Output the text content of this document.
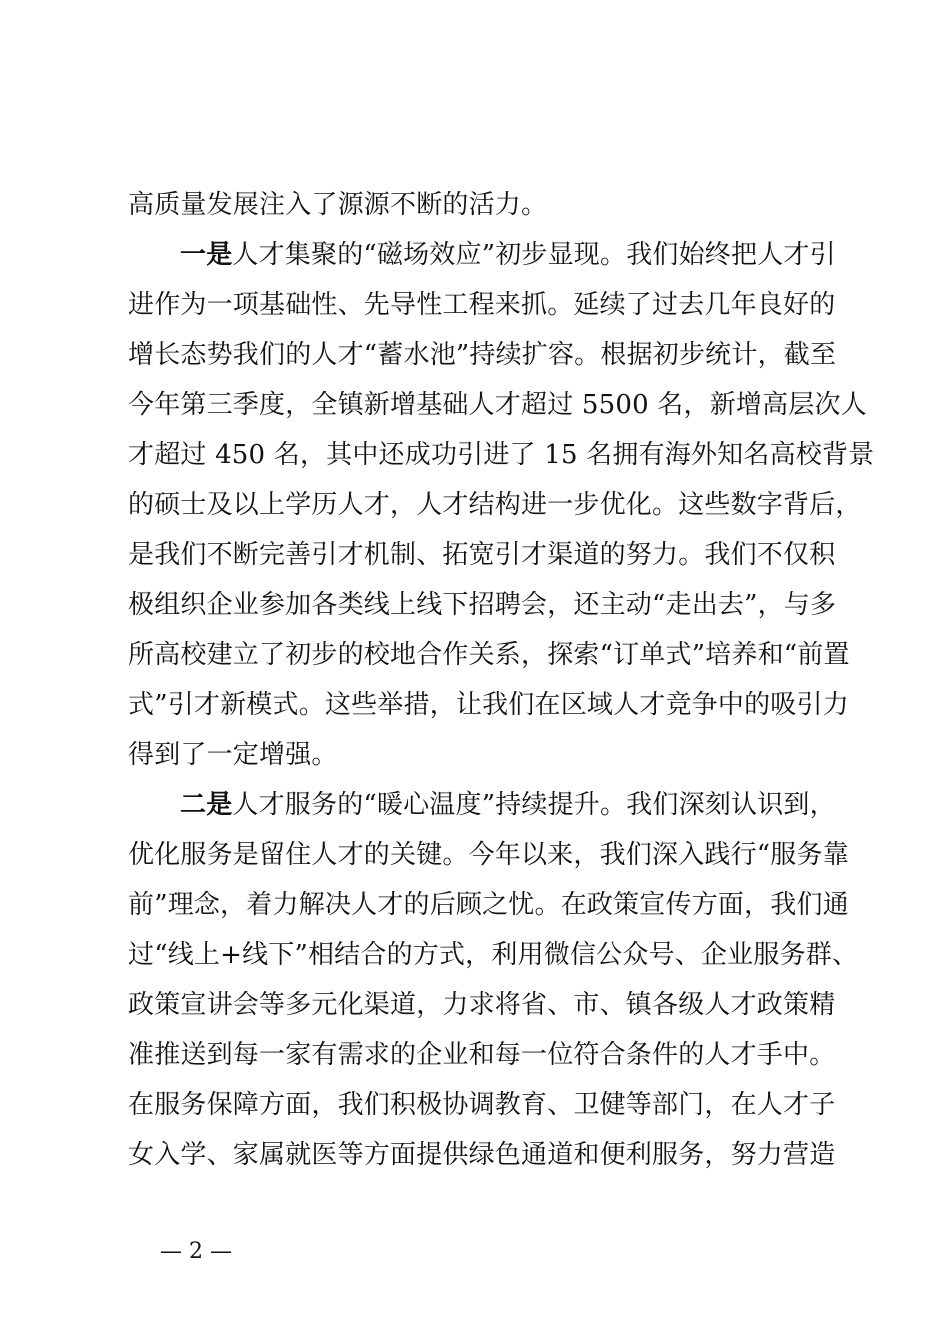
高质量发展注入了源源不断的活力。
一是人才集聚的“磁场效应”初步显现。我们始终把人才引
进作为一项基础性、先导性工程来抓。延续了过去几年良好的
增长态势我们的人才“蓄水池”持续扩容。根据初步统计，截至
今年第三季度，全镇新增基础人才超过 5500 名，新增高层次人
才超过 450 名，其中还成功引进了 15 名拥有海外知名高校背景
的硕士及以上学历人才，人才结构进一步优化。这些数字背后，
是我们不断完善引才机制、拓宽引才渠道的努力。我们不仅积
极组织企业参加各类线上线下招聘会，还主动“走出去”，与多
所高校建立了初步的校地合作关系，探索“订单式”培养和“前置
式”引才新模式。这些举措，让我们在区域人才竞争中的吸引力
得到了一定增强。
二是人才服务的“暖心温度”持续提升。我们深刻认识到，
优化服务是留住人才的关键。今年以来，我们深入践行“服务靠
前”理念，着力解决人才的后顾之忧。在政策宣传方面，我们通
过“线上+线下”相结合的方式，利用微信公众号、企业服务群、
政策宣讲会等多元化渠道，力求将省、市、镇各级人才政策精
准推送到每一家有需求的企业和每一位符合条件的人才手中。
在服务保障方面，我们积极协调教育、卫健等部门，在人才子
女入学、家属就医等方面提供绿色通道和便利服务，努力营造
— 2 —
